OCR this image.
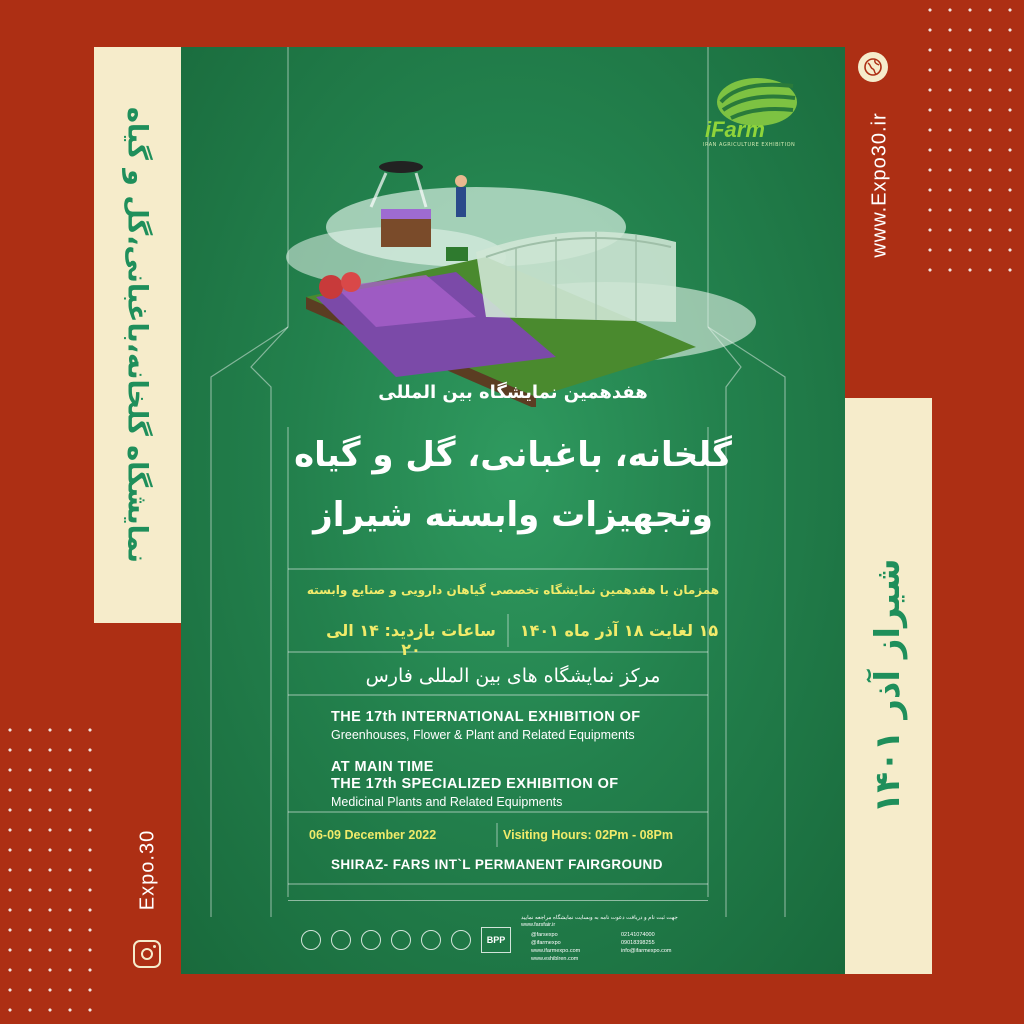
نمایشگاه گلخانه،باغبانی،گل و گیاه
شیراز آذر ۱۴۰۱
www.Expo30.ir
Expo.30
iFarm
IRAN AGRICULTURE EXHIBITION
هفدهمین نمایشگاه بین المللی
گلخانه، باغبانی، گل و گیاه
وتجهیزات وابسته شیراز
همزمان با هفدهمین نمایشگاه تخصصی گیاهان دارویی و صنایع وابسته
۱۵ لغایت ۱۸ آذر ماه ۱۴۰۱
ساعات بازدید: ۱۴ الی ۲۰
مرکز نمایشگاه های بین المللی فارس
THE 17th INTERNATIONAL EXHIBITION OF
Greenhouses, Flower & Plant and Related Equipments
AT MAIN TIME
THE 17th SPECIALIZED EXHIBITION OF
Medicinal Plants and Related Equipments
06-09 December 2022	Visiting Hours: 02Pm - 08Pm
SHIRAZ- FARS INT`L PERMANENT FAIRGROUND
جهت ثبت نام و دریافت دعوت نامه به وبسایت نمایشگاه مراجعه نمایید
www.farsfair.ir
@farsexpo
@ifarmexpo
www.ifarmexpo.com
www.eshiblren.com
02141074000
09018398255
info@ifarmexpo.com
BPP
